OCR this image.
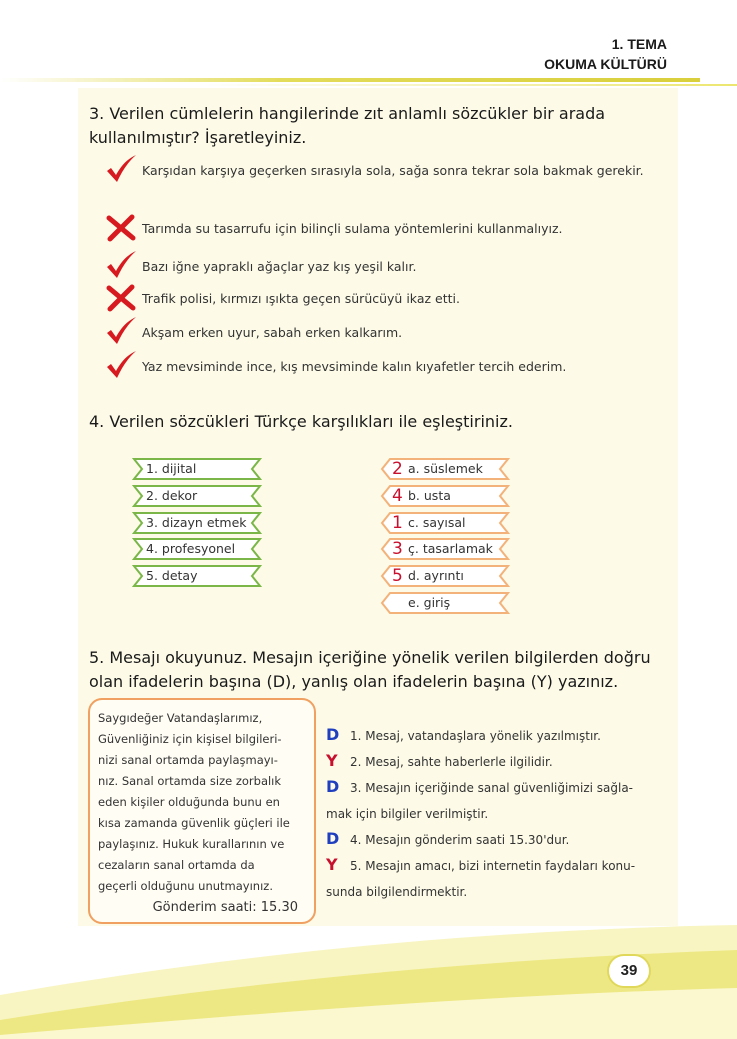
1. TEMA
OKUMA KÜLTÜRÜ
3. Verilen cümlelerin hangilerinde zıt anlamlı sözcükler bir arada kullanılmıştır? İşaretleyiniz.
Karşıdan karşıya geçerken sırasıyla sola, sağa sonra tekrar sola bakmak gerekir.
Tarımda su tasarrufu için bilinçli sulama yöntemlerini kullanmalıyız.
Bazı iğne yapraklı ağaçlar yaz kış yeşil kalır.
Trafik polisi, kırmızı ışıkta geçen sürücüyü ikaz etti.
Akşam erken uyur, sabah erken kalkarım.
Yaz mevsiminde ince, kış mevsiminde kalın kıyafetler tercih ederim.
4. Verilen sözcükleri Türkçe karşılıkları ile eşleştiriniz.
1. dijital
2. dekor
3. dizayn etmek
4. profesyonel
5. detay
a. süslemek
2
b. usta
4
c. sayısal
1
ç. tasarlamak
3
d. ayrıntı
5
e. giriş
5. Mesajı okuyunuz. Mesajın içeriğine yönelik verilen bilgilerden doğru olan ifadelerin başına (D), yanlış olan ifadelerin başına (Y) yazınız.
Saygıdeğer Vatandaşlarımız,
Güvenliğiniz için kişisel bilgileri-
nizi sanal ortamda paylaşmayı-
nız. Sanal ortamda size zorbalık
eden kişiler olduğunda bunu en
kısa zamanda güvenlik güçleri ile
paylaşınız. Hukuk kurallarının ve
cezaların sanal ortamda da
geçerli olduğunu unutmayınız.
Gönderim saati: 15.30
D 1. Mesaj, vatandaşlara yönelik yazılmıştır.
Y 2. Mesaj, sahte haberlerle ilgilidir.
D 3. Mesajın içeriğinde sanal güvenliğimizi sağla-
mak için bilgiler verilmiştir.
D 4. Mesajın gönderim saati 15.30'dur.
Y 5. Mesajın amacı, bizi internetin faydaları konu-
sunda bilgilendirmektir.
39
